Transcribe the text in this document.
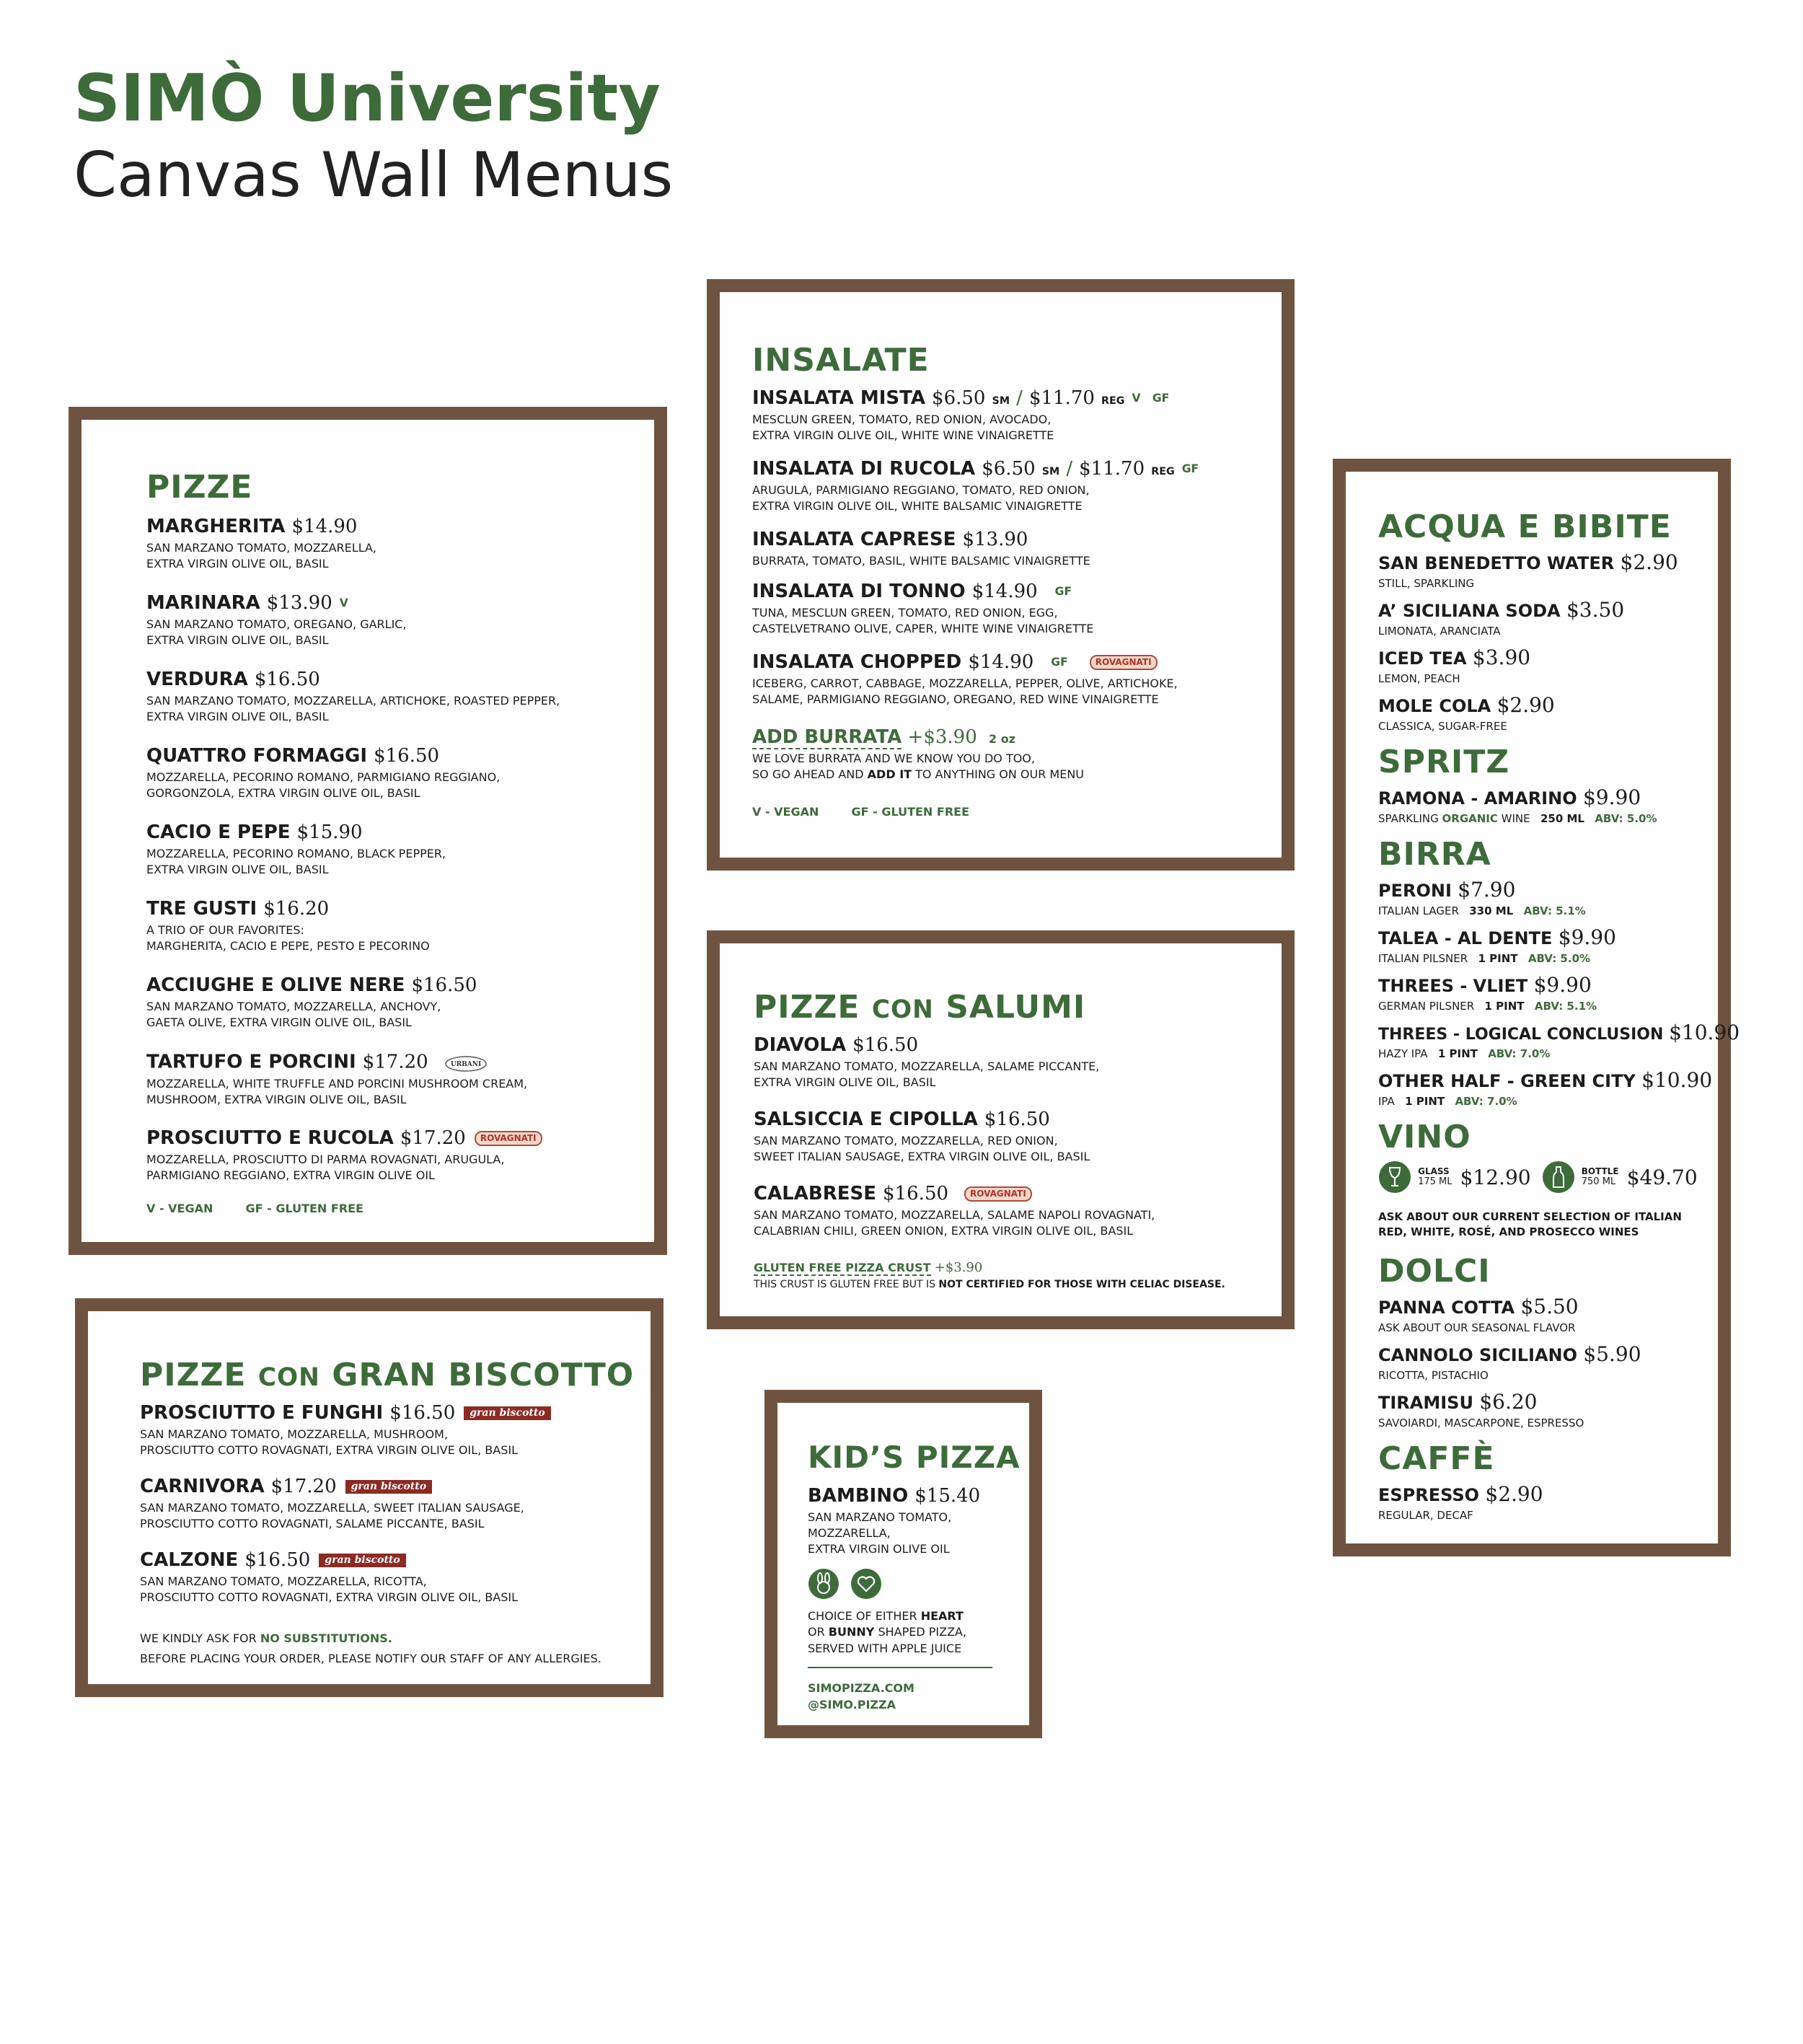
SIMÒ University
Canvas Wall Menus
PIZZE
MARGHERITA $14.90
SAN MARZANO TOMATO, MOZZARELLA,
EXTRA VIRGIN OLIVE OIL, BASIL
MARINARA $13.90 V
SAN MARZANO TOMATO, OREGANO, GARLIC,
EXTRA VIRGIN OLIVE OIL, BASIL
VERDURA $16.50
SAN MARZANO TOMATO, MOZZARELLA, ARTICHOKE, ROASTED PEPPER,
EXTRA VIRGIN OLIVE OIL, BASIL
QUATTRO FORMAGGI $16.50
MOZZARELLA, PECORINO ROMANO, PARMIGIANO REGGIANO,
GORGONZOLA, EXTRA VIRGIN OLIVE OIL, BASIL
CACIO E PEPE $15.90
MOZZARELLA, PECORINO ROMANO, BLACK PEPPER,
EXTRA VIRGIN OLIVE OIL, BASIL
TRE GUSTI $16.20
A TRIO OF OUR FAVORITES:
MARGHERITA, CACIO E PEPE, PESTO E PECORINO
ACCIUGHE E OLIVE NERE $16.50
SAN MARZANO TOMATO, MOZZARELLA, ANCHOVY,
GAETA OLIVE, EXTRA VIRGIN OLIVE OIL, BASIL
TARTUFO E PORCINI $17.20	URBANI
MOZZARELLA, WHITE TRUFFLE AND PORCINI MUSHROOM CREAM,
MUSHROOM, EXTRA VIRGIN OLIVE OIL, BASIL
PROSCIUTTO E RUCOLA $17.20 ROVAGNATI
MOZZARELLA, PROSCIUTTO DI PARMA ROVAGNATI, ARUGULA,
PARMIGIANO REGGIANO, EXTRA VIRGIN OLIVE OIL
V - VEGAN	GF - GLUTEN FREE
INSALATE
INSALATA MISTA $6.50 SM / $11.70 REG V   GF
MESCLUN GREEN, TOMATO, RED ONION, AVOCADO,
EXTRA VIRGIN OLIVE OIL, WHITE WINE VINAIGRETTE
INSALATA DI RUCOLA $6.50 SM / $11.70 REG GF
ARUGULA, PARMIGIANO REGGIANO, TOMATO, RED ONION,
EXTRA VIRGIN OLIVE OIL, WHITE BALSAMIC VINAIGRETTE
INSALATA CAPRESE $13.90
BURRATA, TOMATO, BASIL, WHITE BALSAMIC VINAIGRETTE
INSALATA DI TONNO $14.90 GF
TUNA, MESCLUN GREEN, TOMATO, RED ONION, EGG,
CASTELVETRANO OLIVE, CAPER, WHITE WINE VINAIGRETTE
INSALATA CHOPPED $14.90 GF	ROVAGNATI
ICEBERG, CARROT, CABBAGE, MOZZARELLA, PEPPER, OLIVE, ARTICHOKE,
SALAME, PARMIGIANO REGGIANO, OREGANO, RED WINE VINAIGRETTE
ADD BURRATA +$3.90 2 oz
WE LOVE BURRATA AND WE KNOW YOU DO TOO,
SO GO AHEAD AND ADD IT TO ANYTHING ON OUR MENU
V - VEGAN	GF - GLUTEN FREE
PIZZE CON SALUMI
DIAVOLA $16.50
SAN MARZANO TOMATO, MOZZARELLA, SALAME PICCANTE,
EXTRA VIRGIN OLIVE OIL, BASIL
SALSICCIA E CIPOLLA $16.50
SAN MARZANO TOMATO, MOZZARELLA, RED ONION,
SWEET ITALIAN SAUSAGE, EXTRA VIRGIN OLIVE OIL, BASIL
CALABRESE $16.50	ROVAGNATI
SAN MARZANO TOMATO, MOZZARELLA, SALAME NAPOLI ROVAGNATI,
CALABRIAN CHILI, GREEN ONION, EXTRA VIRGIN OLIVE OIL, BASIL
GLUTEN FREE PIZZA CRUST +$3.90
THIS CRUST IS GLUTEN FREE BUT IS NOT CERTIFIED FOR THOSE WITH CELIAC DISEASE.
PIZZE CON GRAN BISCOTTO
PROSCIUTTO E FUNGHI $16.50 gran biscotto
SAN MARZANO TOMATO, MOZZARELLA, MUSHROOM,
PROSCIUTTO COTTO ROVAGNATI, EXTRA VIRGIN OLIVE OIL, BASIL
CARNIVORA $17.20 gran biscotto
SAN MARZANO TOMATO, MOZZARELLA, SWEET ITALIAN SAUSAGE,
PROSCIUTTO COTTO ROVAGNATI, SALAME PICCANTE, BASIL
CALZONE $16.50 gran biscotto
SAN MARZANO TOMATO, MOZZARELLA, RICOTTA,
PROSCIUTTO COTTO ROVAGNATI, EXTRA VIRGIN OLIVE OIL, BASIL
WE KINDLY ASK FOR NO SUBSTITUTIONS.
BEFORE PLACING YOUR ORDER, PLEASE NOTIFY OUR STAFF OF ANY ALLERGIES.
KID’S PIZZA
BAMBINO $15.40
SAN MARZANO TOMATO,
MOZZARELLA,
EXTRA VIRGIN OLIVE OIL

CHOICE OF EITHER HEART
OR BUNNY SHAPED PIZZA,
SERVED WITH APPLE JUICE
SIMOPIZZA.COM
@SIMO.PIZZA
ACQUA E BIBITE
SAN BENEDETTO WATER $2.90
STILL, SPARKLING
A’ SICILIANA SODA $3.50
LIMONATA, ARANCIATA
ICED TEA $3.90
LEMON, PEACH
MOLE COLA $2.90
CLASSICA, SUGAR-FREE
SPRITZ
RAMONA - AMARINO $9.90
SPARKLING ORGANIC WINE 250 ML ABV: 5.0%
BIRRA
PERONI $7.90
ITALIAN LAGER 330 ML ABV: 5.1%
TALEA - AL DENTE $9.90
ITALIAN PILSNER 1 PINT ABV: 5.0%
THREES - VLIET $9.90
GERMAN PILSNER 1 PINT ABV: 5.1%
THREES - LOGICAL CONCLUSION $10.90
HAZY IPA 1 PINT ABV: 7.0%
OTHER HALF - GREEN CITY $10.90
IPA 1 PINT ABV: 7.0%
VINO

GLASS
175 ML $12.90	BOTTLE
750 ML $49.70
ASK ABOUT OUR CURRENT SELECTION OF ITALIAN
RED, WHITE, ROSÉ, AND PROSECCO WINES
DOLCI
PANNA COTTA $5.50
ASK ABOUT OUR SEASONAL FLAVOR
CANNOLO SICILIANO $5.90
RICOTTA, PISTACHIO
TIRAMISU $6.20
SAVOIARDI, MASCARPONE, ESPRESSO
CAFFÈ
ESPRESSO $2.90
REGULAR, DECAF
